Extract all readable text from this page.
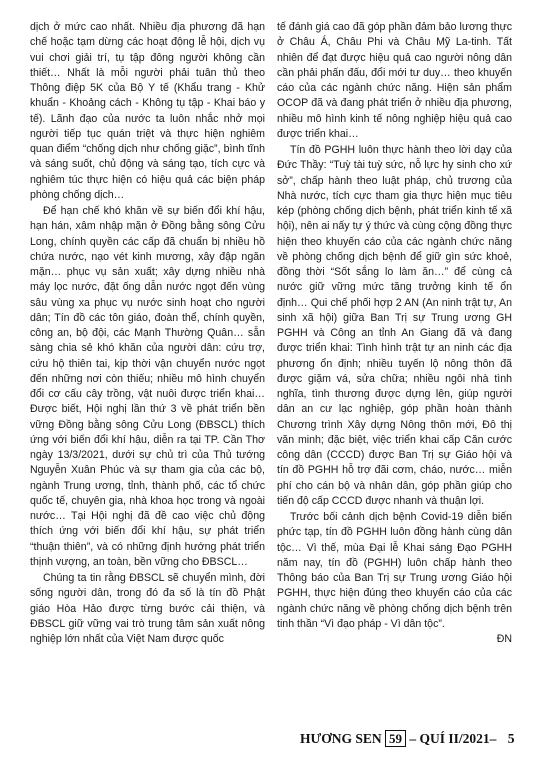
dịch ở mức cao nhất. Nhiều địa phương đã hạn chế hoặc tạm dừng các hoạt động lễ hội, dịch vụ vui chơi giải trí, tụ tập đông người không cần thiết… Nhất là mỗi người phải tuân thủ theo Thông điệp 5K của Bộ Y tế (Khẩu trang - Khử khuẩn - Khoảng cách - Không tụ tập - Khai báo y tế). Lãnh đạo của nước ta luôn nhắc nhở mọi người tiếp tục quán triệt và thực hiện nghiêm quan điểm “chống dịch như chống giặc”, bình tĩnh và sáng suốt, chủ động và sáng tạo, tích cực và nghiêm túc thực hiện có hiệu quả các biện pháp phòng chống dịch…

Để hạn chế khó khăn về sự biến đổi khí hậu, hạn hán, xâm nhập mặn ở Đồng bằng sông Cửu Long, chính quyền các cấp đã chuẩn bị nhiều hồ chứa nước, nạo vét kinh mương, xây đập ngăn mặn… phục vụ sản xuất; xây dựng nhiều nhà máy lọc nước, đặt ống dẫn nước ngọt đến vùng sâu vùng xa phục vụ nước sinh hoạt cho người dân; Tín đồ các tôn giáo, đoàn thể, chính quyền, công an, bộ đội, các Mạnh Thường Quân… sẵn sàng chia sẻ khó khăn của người dân: cứu trợ, cứu hộ thiên tai, kịp thời vận chuyển nước ngọt đến những nơi còn thiếu; nhiều mô hình chuyển đổi cơ cấu cây trồng, vật nuôi được triển khai… Được biết, Hội nghị lần thứ 3 về phát triển bền vững Đồng bằng sông Cửu Long (ĐBSCL) thích ứng với biến đổi khí hậu, diễn ra tại TP. Cần Thơ ngày 13/3/2021, dưới sự chủ trì của Thủ tướng Nguyễn Xuân Phúc và sự tham gia của các bộ, ngành Trung ương, tỉnh, thành phố, các tổ chức quốc tế, chuyên gia, nhà khoa học trong và ngoài nước… Tại Hội nghị đã đề cao việc chủ động thích ứng với biến đổi khí hậu, sự phát triển “thuận thiên”, và có những định hướng phát triển thịnh vượng, an toàn, bền vững cho ĐBSCL…

Chúng ta tin rằng ĐBSCL sẽ chuyển mình, đời sống người dân, trong đó đa số là tín đồ Phật giáo Hòa Hảo được từng bước cải thiện, và ĐBSCL giữ vững vai trò trung tâm sản xuất nông nghiệp lớn nhất của Việt Nam được quốc

tế đánh giá cao đã góp phần đảm bảo lương thực ở Châu Á, Châu Phi và Châu Mỹ La-tinh. Tất nhiên để đạt được hiệu quả cao người nông dân cần phải phấn đấu, đổi mới tư duy… theo khuyến cáo của các ngành chức năng. Hiện sản phẩm OCOP đã và đang phát triển ở nhiều địa phương, nhiều mô hình kinh tế nông nghiệp hiệu quả cao được triển khai…

Tín đồ PGHH luôn thực hành theo lời dạy của Đức Thầy: “Tuỳ tài tuỳ sức, nỗ lực hy sinh cho xứ sở”, chấp hành theo luật pháp, chủ trương của Nhà nước, tích cực tham gia thực hiện mục tiêu kép (phòng chống dịch bệnh, phát triển kinh tế xã hội), nên ai nấy tự ý thức và cùng cộng đồng thực hiện theo khuyến cáo của các ngành chức năng về phòng chống dịch bệnh để giữ gìn sức khoẻ, đồng thời “Sốt sắng lo làm ăn…” để cùng cả nước giữ vững mức tăng trưởng kinh tế ổn định… Qui chế phối hợp 2 AN (An ninh trật tự, An sinh xã hội) giữa Ban Trị sự Trung ương GH PGHH và Công an tỉnh An Giang đã và đang được triển khai: Tình hình trật tự an ninh các địa phương ổn định; nhiều tuyến lộ nông thôn đã được giặm vá, sửa chữa; nhiều ngôi nhà tình nghĩa, tình thương được dựng lên, giúp người dân an cư lạc nghiệp, góp phần hoàn thành Chương trình Xây dựng Nông thôn mới, Đô thị văn minh; đặc biệt, việc triển khai cấp Căn cước công dân (CCCD) được Ban Trị sự Giáo hội và tín đồ PGHH hỗ trợ đãi cơm, cháo, nước… miễn phí cho cán bộ và nhân dân, góp phần giúp cho tiến độ cấp CCCD được nhanh và thuận lợi.

Trước bối cảnh dịch bệnh Covid-19 diễn biến phức tạp, tín đồ PGHH luôn đồng hành cùng dân tộc… Vì thế, mùa Đại lễ Khai sáng Đạo PGHH năm nay, tín đồ (PGHH) luôn chấp hành theo Thông báo của Ban Trị sự Trung ương Giáo hội PGHH, thực hiện đúng theo khuyến cáo của các ngành chức năng về phòng chống dịch bệnh trên tinh thần “Vì đạo pháp - Vì dân tộc”.

ĐN
HƯƠNG SEN 59 – QUÍ II/2021– 5
